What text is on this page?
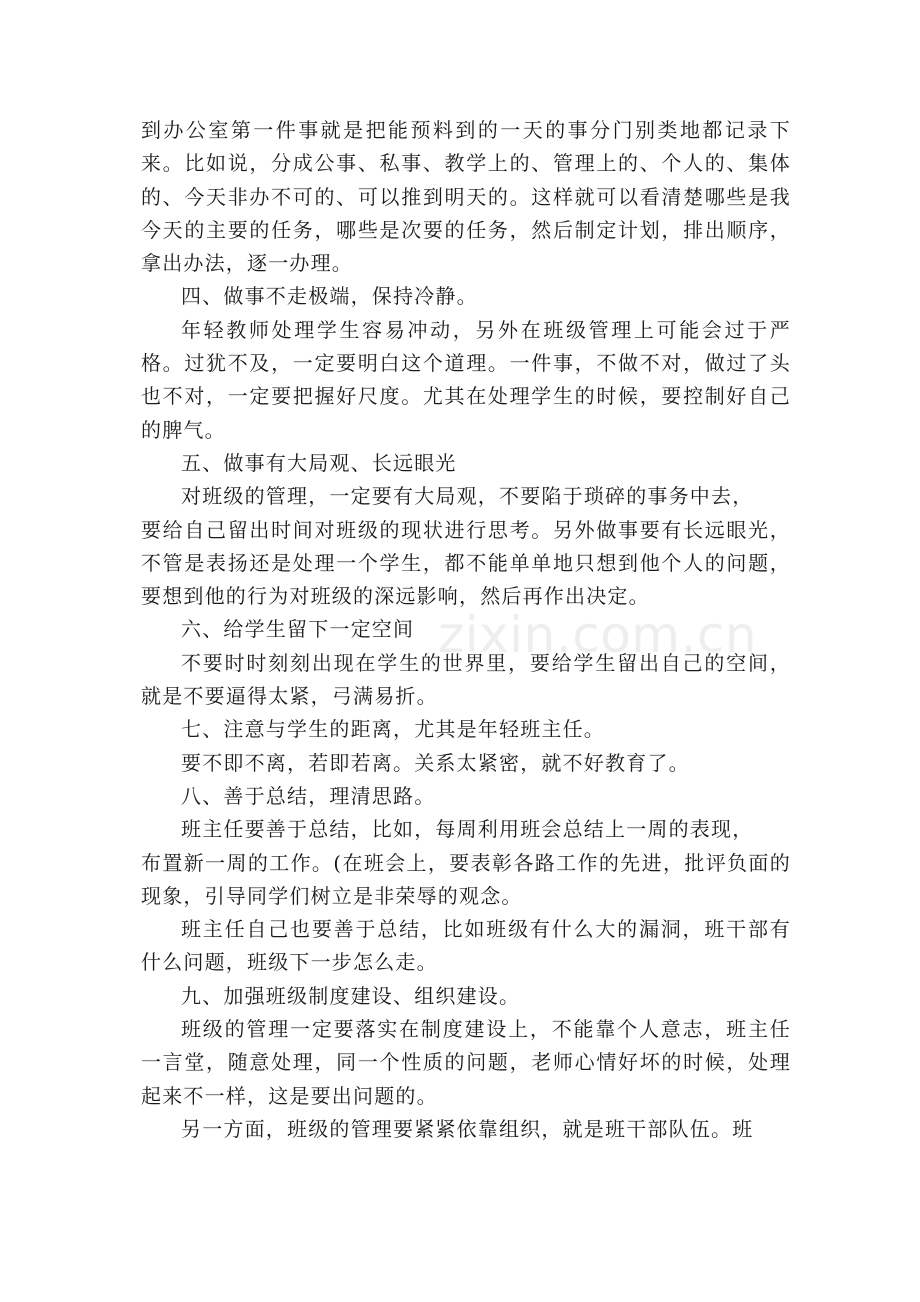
到办公室第一件事就是把能预料到的一天的事分门别类地都记录下来。比如说，分成公事、私事、教学上的、管理上的、个人的、集体的、今天非办不可的、可以推到明天的。这样就可以看清楚哪些是我今天的主要的任务，哪些是次要的任务，然后制定计划，排出顺序，拿出办法，逐一办理。

四、做事不走极端，保持冷静。

年轻教师处理学生容易冲动，另外在班级管理上可能会过于严格。过犹不及，一定要明白这个道理。一件事，不做不对，做过了头也不对，一定要把握好尺度。尤其在处理学生的时候，要控制好自己的脾气。

五、做事有大局观、长远眼光

对班级的管理，一定要有大局观，不要陷于琐碎的事务中去，

要给自己留出时间对班级的现状进行思考。另外做事要有长远眼光，不管是表扬还是处理一个学生，都不能单单地只想到他个人的问题，要想到他的行为对班级的深远影响，然后再作出决定。

六、给学生留下一定空间

不要时时刻刻出现在学生的世界里，要给学生留出自己的空间，就是不要逼得太紧，弓满易折。

七、注意与学生的距离，尤其是年轻班主任。

要不即不离，若即若离。关系太紧密，就不好教育了。

八、善于总结，理清思路。

班主任要善于总结，比如，每周利用班会总结上一周的表现，

布置新一周的工作。(在班会上，要表彰各路工作的先进，批评负面的现象，引导同学们树立是非荣辱的观念。

班主任自己也要善于总结，比如班级有什么大的漏洞，班干部有什么问题，班级下一步怎么走。

九、加强班级制度建设、组织建设。

班级的管理一定要落实在制度建设上，不能靠个人意志，班主任一言堂，随意处理，同一个性质的问题，老师心情好坏的时候，处理起来不一样，这是要出问题的。

另一方面，班级的管理要紧紧依靠组织，就是班干部队伍。班

zixin.com.cn
